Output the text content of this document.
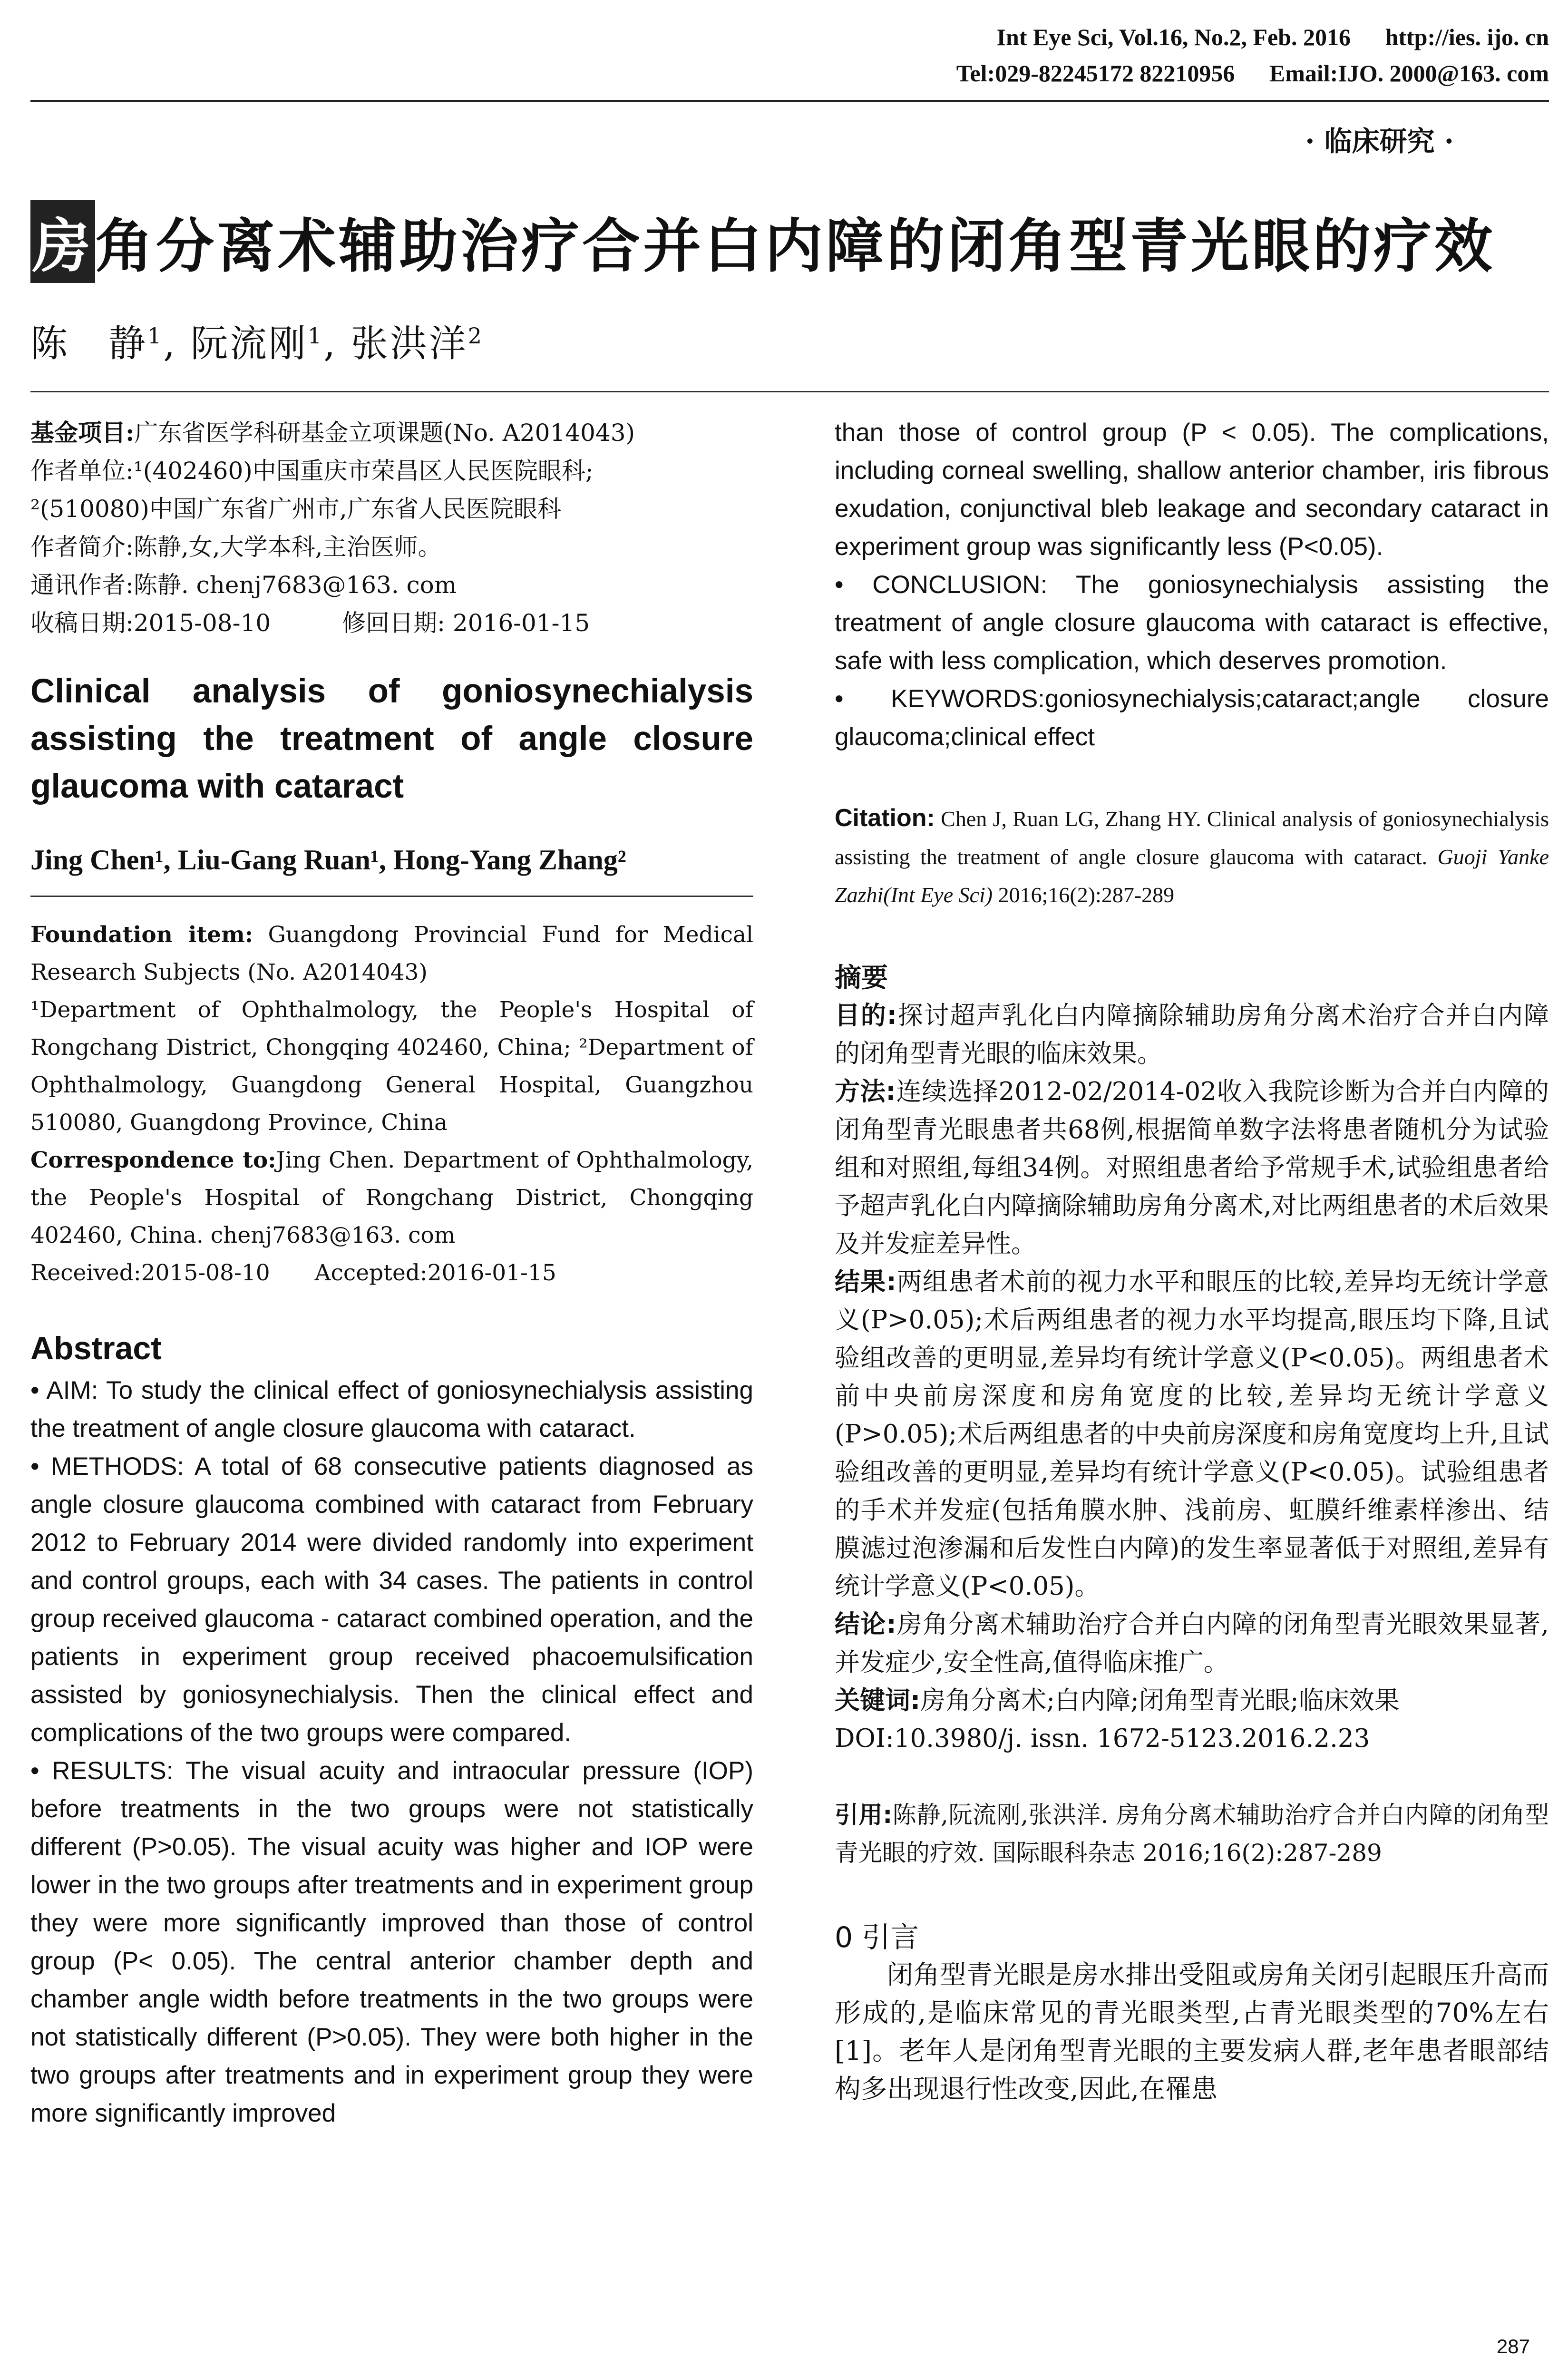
Int Eye Sci, Vol.16, No.2, Feb. 2016 http://ies. ijo. cn
Tel:029-82245172 82210956 Email:IJO. 2000@163. com
· 临床研究 ·
房角分离术辅助治疗合并白内障的闭角型青光眼的疗效
陈　静$^1$, 阮流刚$^1$, 张洪洋$^2$
基金项目:广东省医学科研基金立项课题(No. A2014043)
作者单位:¹(402460)中国重庆市荣昌区人民医院眼科;
²(510080)中国广东省广州市,广东省人民医院眼科
作者简介:陈静,女,大学本科,主治医师。
通讯作者:陈静. chenj7683@163. com
收稿日期:2015-08-10　　　修回日期: 2016-01-15
Clinical analysis of goniosynechialysis assisting the treatment of angle closure glaucoma with cataract
Jing Chen¹, Liu-Gang Ruan¹, Hong-Yang Zhang²
Foundation item: Guangdong Provincial Fund for Medical Research Subjects (No. A2014043)
¹Department of Ophthalmology, the People's Hospital of Rongchang District, Chongqing 402460, China; ²Department of Ophthalmology, Guangdong General Hospital, Guangzhou 510080, Guangdong Province, China
Correspondence to:Jing Chen. Department of Ophthalmology, the People's Hospital of Rongchang District, Chongqing 402460, China. chenj7683@163. com
Received:2015-08-10　　Accepted:2016-01-15
Abstract

• AIM: To study the clinical effect of goniosynechialysis assisting the treatment of angle closure glaucoma with cataract.

• METHODS: A total of 68 consecutive patients diagnosed as angle closure glaucoma combined with cataract from February 2012 to February 2014 were divided randomly into experiment and control groups, each with 34 cases. The patients in control group received glaucoma - cataract combined operation, and the patients in experiment group received phacoemulsification assisted by goniosynechialysis. Then the clinical effect and complications of the two groups were compared.

• RESULTS: The visual acuity and intraocular pressure (IOP) before treatments in the two groups were not statistically different (P>0.05). The visual acuity was higher and IOP were lower in the two groups after treatments and in experiment group they were more significantly improved than those of control group (P< 0.05). The central anterior chamber depth and chamber angle width before treatments in the two groups were not statistically different (P>0.05). They were both higher in the two groups after treatments and in experiment group they were more significantly improved

than those of control group (P < 0.05). The complications, including corneal swelling, shallow anterior chamber, iris fibrous exudation, conjunctival bleb leakage and secondary cataract in experiment group was significantly less (P<0.05).

• CONCLUSION: The goniosynechialysis assisting the treatment of angle closure glaucoma with cataract is effective, safe with less complication, which deserves promotion.

• KEYWORDS:goniosynechialysis;cataract;angle closure glaucoma;clinical effect

Citation: Chen J, Ruan LG, Zhang HY. Clinical analysis of goniosynechialysis assisting the treatment of angle closure glaucoma with cataract. Guoji Yanke Zazhi(Int Eye Sci) 2016;16(2):287-289
摘要
目的:探讨超声乳化白内障摘除辅助房角分离术治疗合并白内障的闭角型青光眼的临床效果。
方法:连续选择2012-02/2014-02收入我院诊断为合并白内障的闭角型青光眼患者共68例,根据简单数字法将患者随机分为试验组和对照组,每组34例。对照组患者给予常规手术,试验组患者给予超声乳化白内障摘除辅助房角分离术,对比两组患者的术后效果及并发症差异性。
结果:两组患者术前的视力水平和眼压的比较,差异均无统计学意义(P>0.05);术后两组患者的视力水平均提高,眼压均下降,且试验组改善的更明显,差异均有统计学意义(P<0.05)。两组患者术前中央前房深度和房角宽度的比较,差异均无统计学意义(P>0.05);术后两组患者的中央前房深度和房角宽度均上升,且试验组改善的更明显,差异均有统计学意义(P<0.05)。试验组患者的手术并发症(包括角膜水肿、浅前房、虹膜纤维素样渗出、结膜滤过泡渗漏和后发性白内障)的发生率显著低于对照组,差异有统计学意义(P<0.05)。
结论:房角分离术辅助治疗合并白内障的闭角型青光眼效果显著,并发症少,安全性高,值得临床推广。
关键词:房角分离术;白内障;闭角型青光眼;临床效果
DOI:10.3980/j. issn. 1672-5123.2016.2.23
引用:陈静,阮流刚,张洪洋. 房角分离术辅助治疗合并白内障的闭角型青光眼的疗效. 国际眼科杂志 2016;16(2):287-289
0 引言

闭角型青光眼是房水排出受阻或房角关闭引起眼压升高而形成的,是临床常见的青光眼类型,占青光眼类型的70%左右[1]。老年人是闭角型青光眼的主要发病人群,老年患者眼部结构多出现退行性改变,因此,在罹患

287
